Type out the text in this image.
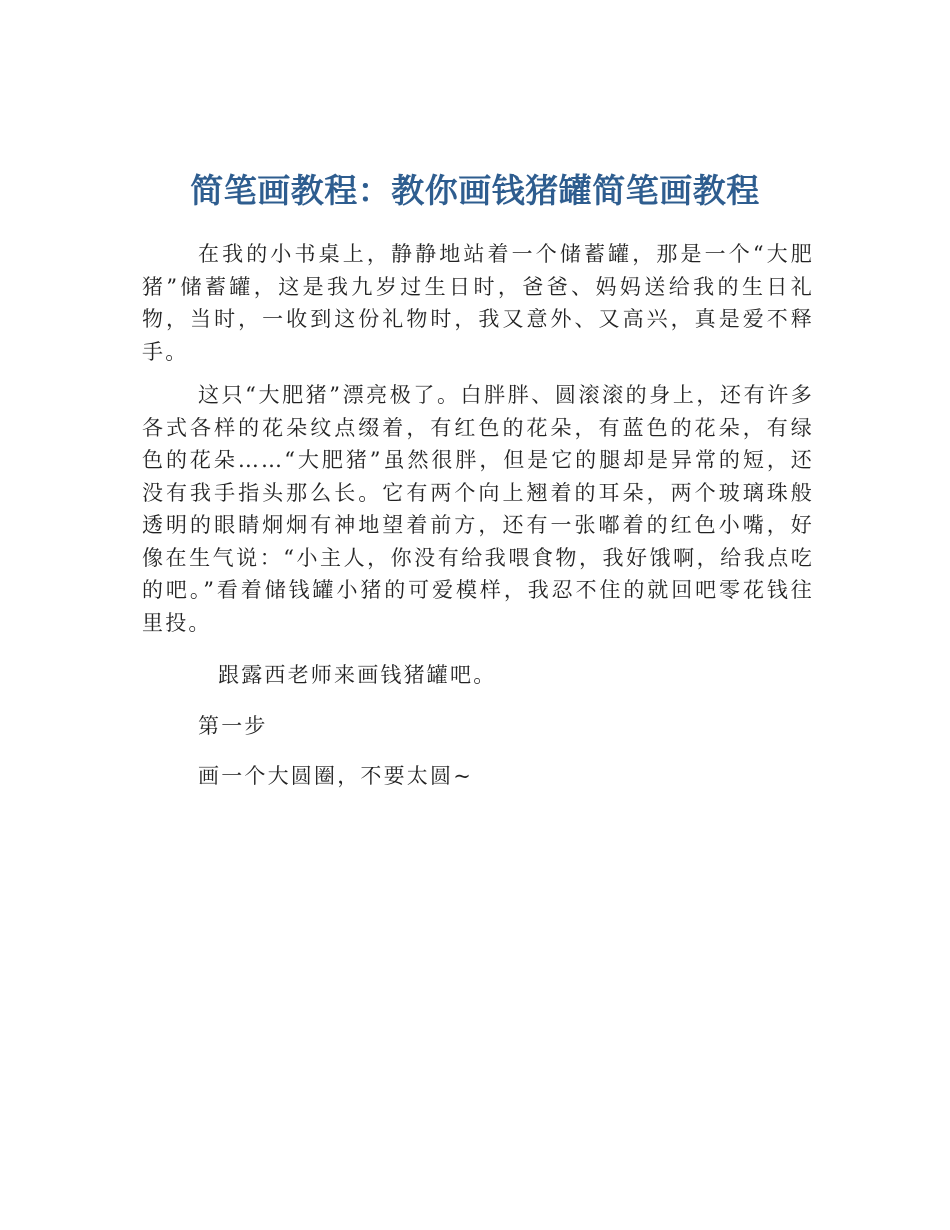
简笔画教程：教你画钱猪罐简笔画教程

在我的小书桌上，静静地站着一个储蓄罐，那是一个“大肥猪”储蓄罐，这是我九岁过生日时，爸爸、妈妈送给我的生日礼物，当时，一收到这份礼物时，我又意外、又高兴，真是爱不释手。

这只“大肥猪”漂亮极了。白胖胖、圆滚滚的身上，还有许多各式各样的花朵纹点缀着，有红色的花朵，有蓝色的花朵，有绿色的花朵……“大肥猪”虽然很胖，但是它的腿却是异常的短，还没有我手指头那么长。它有两个向上翘着的耳朵，两个玻璃珠般透明的眼睛炯炯有神地望着前方，还有一张嘟着的红色小嘴，好像在生气说：“小主人，你没有给我喂食物，我好饿啊，给我点吃的吧。”看着储钱罐小猪的可爱模样，我忍不住的就回吧零花钱往里投。

跟露西老师来画钱猪罐吧。

第一步

画一个大圆圈，不要太圆~
